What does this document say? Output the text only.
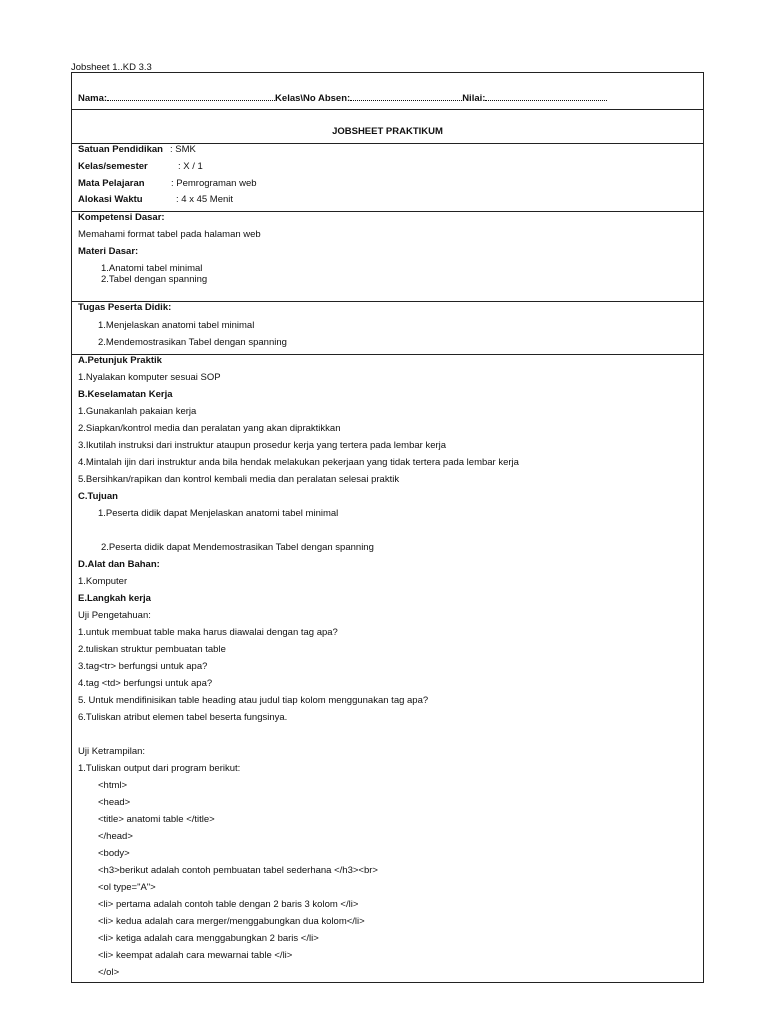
Jobsheet 1..KD 3.3
Nama:	Kelas\No Absen:	Nilai:
JOBSHEET PRAKTIKUM
Satuan Pendidikan : SMK
Kelas/semester	: X / 1
Mata Pelajaran	: Pemrograman web
Alokasi Waktu	: 4 x 45 Menit
Kompetensi Dasar:
Memahami format tabel pada halaman web
Materi Dasar:
1.Anatomi tabel minimal
2.Tabel dengan spanning
Tugas Peserta Didik:
1.Menjelaskan anatomi tabel minimal
2.Mendemostrasikan Tabel dengan spanning
A.Petunjuk Praktik
1.Nyalakan komputer sesuai SOP
B.Keselamatan Kerja
1.Gunakanlah pakaian kerja
2.Siapkan/kontrol media dan peralatan yang akan dipraktikkan
3.Ikutilah instruksi dari instruktur ataupun prosedur kerja yang tertera pada lembar kerja
4.Mintalah ijin dari instruktur anda bila hendak melakukan pekerjaan yang tidak tertera pada lembar kerja
5.Bersihkan/rapikan dan kontrol kembali media dan peralatan selesai praktik
C.Tujuan
1.Peserta didik dapat Menjelaskan anatomi tabel minimal
2.Peserta didik dapat Mendemostrasikan Tabel dengan spanning
D.Alat dan Bahan:
1.Komputer
E.Langkah kerja
Uji Pengetahuan:
1.untuk membuat table maka harus diawalai dengan tag apa?
2.tuliskan struktur pembuatan table
3.tag<tr> berfungsi untuk apa?
4.tag <td> berfungsi untuk apa?
5. Untuk mendifinisikan table heading atau judul tiap kolom menggunakan tag apa?
6.Tuliskan atribut elemen tabel beserta fungsinya.
Uji Ketrampilan:
1.Tuliskan output dari program berikut:
<html>
<head>
<title> anatomi table </title>
</head>
<body>
<h3>berikut adalah contoh pembuatan tabel sederhana </h3><br>
<ol type="A">
<li> pertama adalah contoh table dengan 2 baris 3 kolom </li>
<li> kedua adalah cara merger/menggabungkan dua kolom</li>
<li> ketiga adalah cara menggabungkan 2 baris </li>
<li> keempat adalah cara mewarnai table </li>
</ol>
